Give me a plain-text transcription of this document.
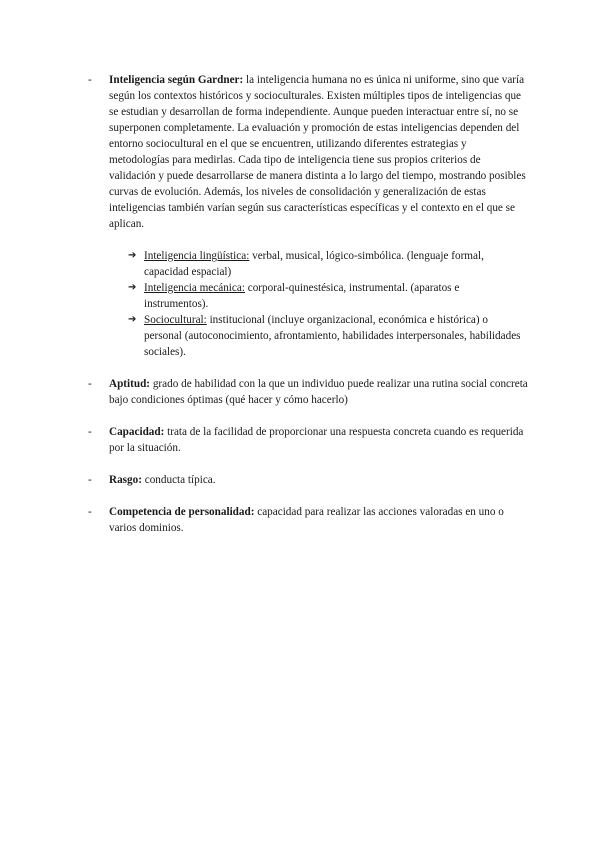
- Inteligencia según Gardner: la inteligencia humana no es única ni uniforme, sino que varía según los contextos históricos y socioculturales. Existen múltiples tipos de inteligencias que se estudian y desarrollan de forma independiente. Aunque pueden interactuar entre sí, no se superponen completamente. La evaluación y promoción de estas inteligencias dependen del entorno sociocultural en el que se encuentren, utilizando diferentes estrategias y metodologías para medirlas. Cada tipo de inteligencia tiene sus propios criterios de validación y puede desarrollarse de manera distinta a lo largo del tiempo, mostrando posibles curvas de evolución. Además, los niveles de consolidación y generalización de estas inteligencias también varían según sus características específicas y el contexto en el que se aplican.
➔ Inteligencia lingüística: verbal, musical, lógico-simbólica. (lenguaje formal, capacidad espacial)
➔ Inteligencia mecánica: corporal-quinestésica, instrumental. (aparatos e instrumentos).
➔ Sociocultural: institucional (incluye organizacional, económica e histórica) o personal (autoconocimiento, afrontamiento, habilidades interpersonales, habilidades sociales).
- Aptitud: grado de habilidad con la que un individuo puede realizar una rutina social concreta bajo condiciones óptimas (qué hacer y cómo hacerlo)
- Capacidad: trata de la facilidad de proporcionar una respuesta concreta cuando es requerida por la situación.
- Rasgo: conducta típica.
- Competencia de personalidad: capacidad para realizar las acciones valoradas en uno o varios dominios.
